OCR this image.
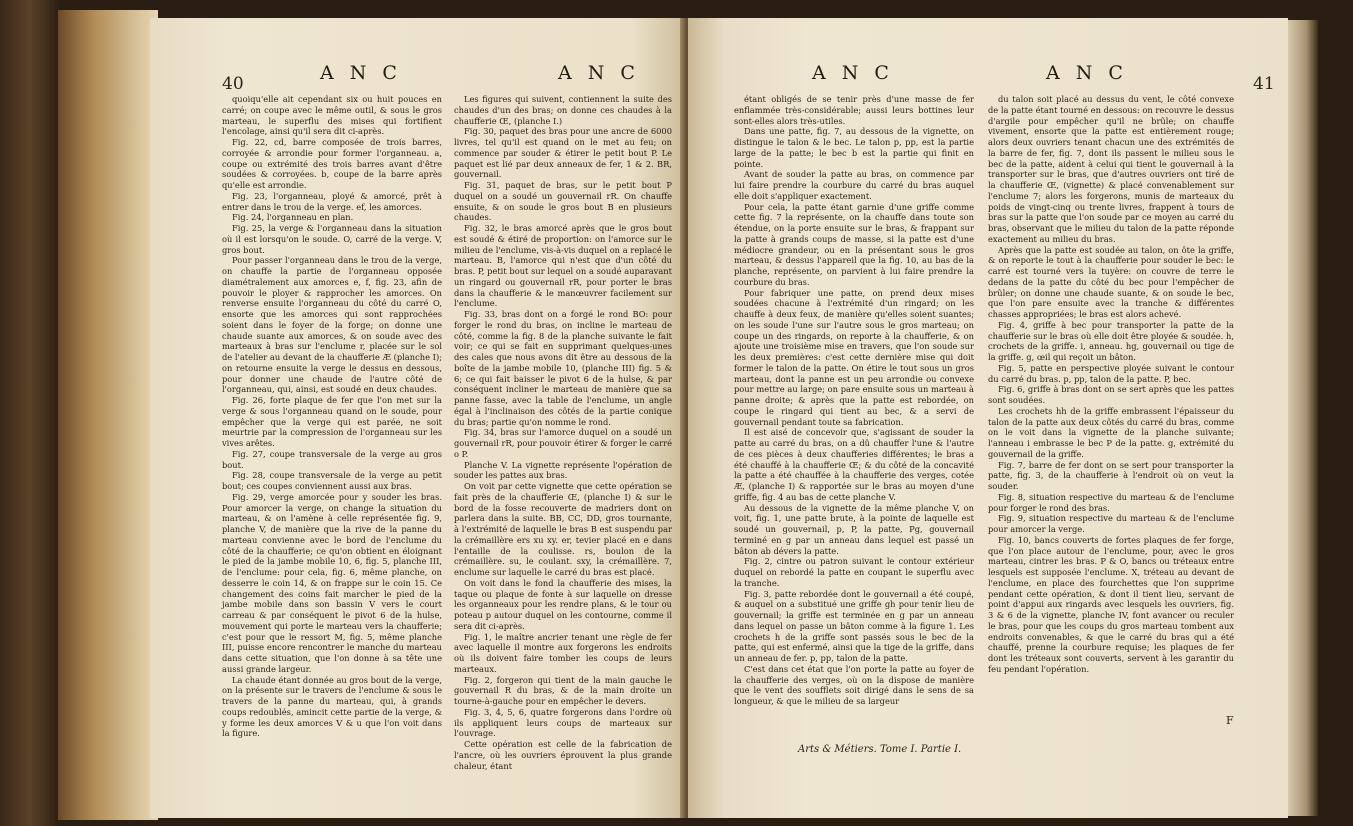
40	A N C	A N C

quoiqu'elle ait cependant six ou huit pouces en carré; on coupe avec le même outil, & sous le gros marteau, le superflu des mises qui fortifient l'encolage, ainsi qu'il sera dit ci-après.

Fig. 22, cd, barre composée de trois barres, corroyée & arrondie pour former l'organneau. a, coupe ou extrémité des trois barres avant d'être soudées & corroyées. b, coupe de la barre après qu'elle est arrondie.

Fig. 23, l'organneau, ployé & amorcé, prêt à entrer dans le trou de la verge. ef, les amorces.

Fig. 24, l'organneau en plan.

Fig. 25, la verge & l'organneau dans la situation où il est lorsqu'on le soude. O, carré de la verge. V, gros bout.

Pour passer l'organneau dans le trou de la verge, on chauffe la partie de l'organneau opposée diamétralement aux amorces e, f, fig. 23, afin de pouvoir le ployer & rapprocher les amorces. On renverse ensuite l'organneau du côté du carré O, ensorte que les amorces qui sont rapprochées soient dans le foyer de la forge; on donne une chaude suante aux amorces, & on soude avec des marteaux à bras sur l'enclume r, placée sur le sol de l'atelier au devant de la chaufferie Æ (planche I); on retourne ensuite la verge le dessus en dessous, pour donner une chaude de l'autre côté de l'organneau, qui, ainsi, est soudé en deux chaudes.

Fig. 26, forte plaque de fer que l'on met sur la verge & sous l'organneau quand on le soude, pour empêcher que la verge qui est parée, ne soit meurtrie par la compression de l'organneau sur les vives arêtes.

Fig. 27, coupe transversale de la verge au gros bout.

Fig. 28, coupe transversale de la verge au petit bout; ces coupes conviennent aussi aux bras.

Fig. 29, verge amorcée pour y souder les bras. Pour amorcer la verge, on change la situation du marteau, & on l'amène à celle représentée fig. 9, planche V, de manière que la rive de la panne du marteau convienne avec le bord de l'enclume du côté de la chaufferie; ce qu'on obtient en éloignant le pied de la jambe mobile 10, 6, fig. 5, planche III, de l'enclume: pour cela, fig. 6, même planche, on desserre le coin 14, & on frappe sur le coin 15. Ce changement des coins fait marcher le pied de la jambe mobile dans son bassin V vers le court carreau & par conséquent le pivot 6 de la hulse, mouvement qui porte le marteau vers la chaufferie; c'est pour que le ressort M, fig. 5, même planche III, puisse encore rencontrer le manche du marteau dans cette situation, que l'on donne à sa tête une aussi grande largeur.

La chaude étant donnée au gros bout de la verge, on la présente sur le travers de l'enclume & sous le travers de la panne du marteau, qui, à grands coups redoublés, amincit cette partie de la verge, & y forme les deux amorces V & u que l'on voit dans la figure.

Les figures qui suivent, contiennent la suite des chaudes d'un des bras; on donne ces chaudes à la chaufferie Œ, (planche I.)

Fig. 30, paquet des bras pour une ancre de 6000 livres, tel qu'il est quand on le met au feu; on commence par souder & étirer le petit bout P. Le paquet est lié par deux anneaux de fer, 1 & 2. BR, gouvernail.

Fig. 31, paquet de bras, sur le petit bout P duquel on a soudé un gouvernail rR. On chauffe ensuite, & on soude le gros bout B en plusieurs chaudes.

Fig. 32, le bras amorcé après que le gros bout est soudé & étiré de proportion: on l'amorce sur le milieu de l'enclume, vis-à-vis duquel on a replacé le marteau. B, l'amorce qui n'est que d'un côté du bras. P, petit bout sur lequel on a soudé auparavant un ringard ou gouvernail rR, pour porter le bras dans la chaufferie & le manœuvrer facilement sur l'enclume.

Fig. 33, bras dont on a forgé le rond BO: pour forger le rond du bras, on incline le marteau de côté, comme la fig. 8 de la planche suivante le fait voir; ce qui se fait en supprimant quelques-unes des cales que nous avons dit être au dessous de la boîte de la jambe mobile 10, (planche III) fig. 5 & 6; ce qui fait baisser le pivot 6 de la hulse, & par conséquent incliner le marteau de manière que sa panne fasse, avec la table de l'enclume, un angle égal à l'inclinaison des côtés de la partie conique du bras; partie qu'on nomme le rond.

Fig. 34, bras sur l'amorce duquel on a soudé un gouvernail rR, pour pouvoir étirer & forger le carré o P.

Planche V. La vignette représente l'opération de souder les pattes aux bras.

On voit par cette vignette que cette opération se fait près de la chaufferie Œ, (planche I) & sur le bord de la fosse recouverte de madriers dont on parlera dans la suite. BB, CC, DD, gros tournante, à l'extrémité de laquelle le bras B est suspendu par la crémaillère ers xu xy. er, tevier placé en e dans l'entaille de la coulisse. rs, boulon de la crémaillère. su, le coulant. sxy, la crémaillère. 7, enclume sur laquelle le carré du bras est placé.

On voit dans le fond la chaufferie des mises, la taque ou plaque de fonte à sur laquelle on dresse les organneaux pour les rendre plans, & le tour ou poteau p autour duquel on les contourne, comme il sera dit ci-après.

Fig. 1, le maître ancrier tenant une règle de fer avec laquelle il montre aux forgerons les endroits où ils doivent faire tomber les coups de leurs marteaux.

Fig. 2, forgeron qui tient de la main gauche le gouvernail R du bras, & de la main droite un tourne-à-gauche pour en empêcher le devers.

Fig. 3, 4, 5, 6, quatre forgerons dans l'ordre où ils appliquent leurs coups de marteaux sur l'ouvrage.

Cette opération est celle de la fabrication de l'ancre, où les ouvriers éprouvent la plus grande chaleur, étant

A N C	A N C	41

étant obligés de se tenir près d'une masse de fer enflammée très-considérable; aussi leurs bottines leur sont-elles alors très-utiles.

Dans une patte, fig. 7, au dessous de la vignette, on distingue le talon & le bec. Le talon p, pp, est la partie large de la patte; le bec b est la partie qui finit en pointe.

Avant de souder la patte au bras, on commence par lui faire prendre la courbure du carré du bras auquel elle doit s'appliquer exactement.

Pour cela, la patte étant garnie d'une griffe comme cette fig. 7 la représente, on la chauffe dans toute son étendue, on la porte ensuite sur le bras, & frappant sur la patte à grands coups de masse, si la patte est d'une médiocre grandeur, ou en la présentant sous le gros marteau, & dessus l'appareil que la fig. 10, au bas de la planche, représente, on parvient à lui faire prendre la courbure du bras.

Pour fabriquer une patte, on prend deux mises soudées chacune à l'extrémité d'un ringard; on les chauffe à deux feux, de manière qu'elles soient suantes; on les soude l'une sur l'autre sous le gros marteau; on coupe un des ringards, on reporte à la chaufferie, & on ajoute une troisième mise en travers, que l'on soude sur les deux premières: c'est cette dernière mise qui doit former le talon de la patte. On étire le tout sous un gros marteau, dont la panne est un peu arrondie ou convexe pour mettre au large; on pare ensuite sous un marteau à panne droite; & après que la patte est rebordée, on coupe le ringard qui tient au bec, & a servi de gouvernail pendant toute sa fabrication.

Il est aisé de concevoir que, s'agissant de souder la patte au carré du bras, on a dû chauffer l'une & l'autre de ces pièces à deux chaufferies différentes; le bras a été chauffé à la chaufferie Œ; & du côté de la concavité la patte a été chauffée à la chaufferie des verges, cotée Æ, (planche I) & rapportée sur le bras au moyen d'une griffe, fig. 4 au bas de cette planche V.

Au dessous de la vignette de la même planche V, on voit, fig. 1, une patte brute, à la pointe de laquelle est soudé un gouvernail, p, P, la patte, Pg, gouvernail terminé en g par un anneau dans lequel est passé un bâton ab dévers la patte.

Fig. 2, cintre ou patron suivant le contour extérieur duquel on rebordé la patte en coupant le superflu avec la tranche.

Fig. 3, patte rebordée dont le gouvernail a été coupé, & auquel on a substitué une griffe gh pour tenir lieu de gouvernail; la griffe est terminée en g par un anneau dans lequel on passe un bâton comme à la figure 1. Les crochets h de la griffe sont passés sous le bec de la patte, qui est enfermé, ainsi que la tige de la griffe, dans un anneau de fer. p, pp, talon de la patte.

C'est dans cet état que l'on porte la patte au foyer de la chaufferie des verges, où on la dispose de manière que le vent des soufflets soit dirigé dans le sens de sa longueur, & que le milieu de sa largeur

Arts & Métiers. Tome I. Partie I.

du talon soit placé au dessus du vent, le côté convexe de la patte étant tourné en dessous: on recouvre le dessus d'argile pour empêcher qu'il ne brûle; on chauffe vivement, ensorte que la patte est entièrement rouge; alors deux ouvriers tenant chacun une des extrémités de la barre de fer, fig. 7, dont ils passent le milieu sous le bec de la patte, aident à celui qui tient le gouvernail à la transporter sur le bras, que d'autres ouvriers ont tiré de la chaufferie Œ, (vignette) & placé convenablement sur l'enclume 7; alors les forgerons, munis de marteaux du poids de vingt-cinq ou trente livres, frappent à tours de bras sur la patte que l'on soude par ce moyen au carré du bras, observant que le milieu du talon de la patte réponde exactement au milieu du bras.

Après que la patte est soudée au talon, on ôte la griffe, & on reporte le tout à la chaufferie pour souder le bec: le carré est tourné vers la tuyère: on couvre de terre le dedans de la patte du côté du bec pour l'empêcher de brûler; on donne une chaude suante, & on soude le bec, que l'on pare ensuite avec la tranche & différentes chasses appropriées; le bras est alors achevé.

Fig. 4, griffe à bec pour transporter la patte de la chaufferie sur le bras où elle doit être ployée & soudée. h, crochets de la griffe. i, anneau. hg, gouvernail ou tige de la griffe. g, œil qui reçoit un bâton.

Fig. 5, patte en perspective ployée suivant le contour du carré du bras. p, pp, talon de la patte. P, bec.

Fig. 6, griffe à bras dont on se sert après que les pattes sont soudées.

Les crochets hh de la griffe embrassent l'épaisseur du talon de la patte aux deux côtés du carré du bras, comme on le voit dans la vignette de la planche suivante; l'anneau i embrasse le bec P de la patte. g, extrémité du gouvernail de la griffe.

Fig. 7, barre de fer dont on se sert pour transporter la patte, fig. 3, de la chaufferie à l'endroit où on veut la souder.

Fig. 8, situation respective du marteau & de l'enclume pour forger le rond des bras.

Fig. 9, situation respective du marteau & de l'enclume pour amorcer la verge.

Fig. 10, bancs couverts de fortes plaques de fer forge, que l'on place autour de l'enclume, pour, avec le gros marteau, cintrer les bras. P & O, bancs ou tréteaux entre lesquels est supposée l'enclume. X, tréteau au devant de l'enclume, en place des fourchettes que l'on supprime pendant cette opération, & dont il tient lieu, servant de point d'appui aux ringards avec lesquels les ouvriers, fig. 3 & 6 de la vignette, planche IV, font avancer ou reculer le bras, pour que les coups du gros marteau tombent aux endroits convenables, & que le carré du bras qui a été chauffé, prenne la courbure requise; les plaques de fer dont les tréteaux sont couverts, servent à les garantir du feu pendant l'opération.

F
